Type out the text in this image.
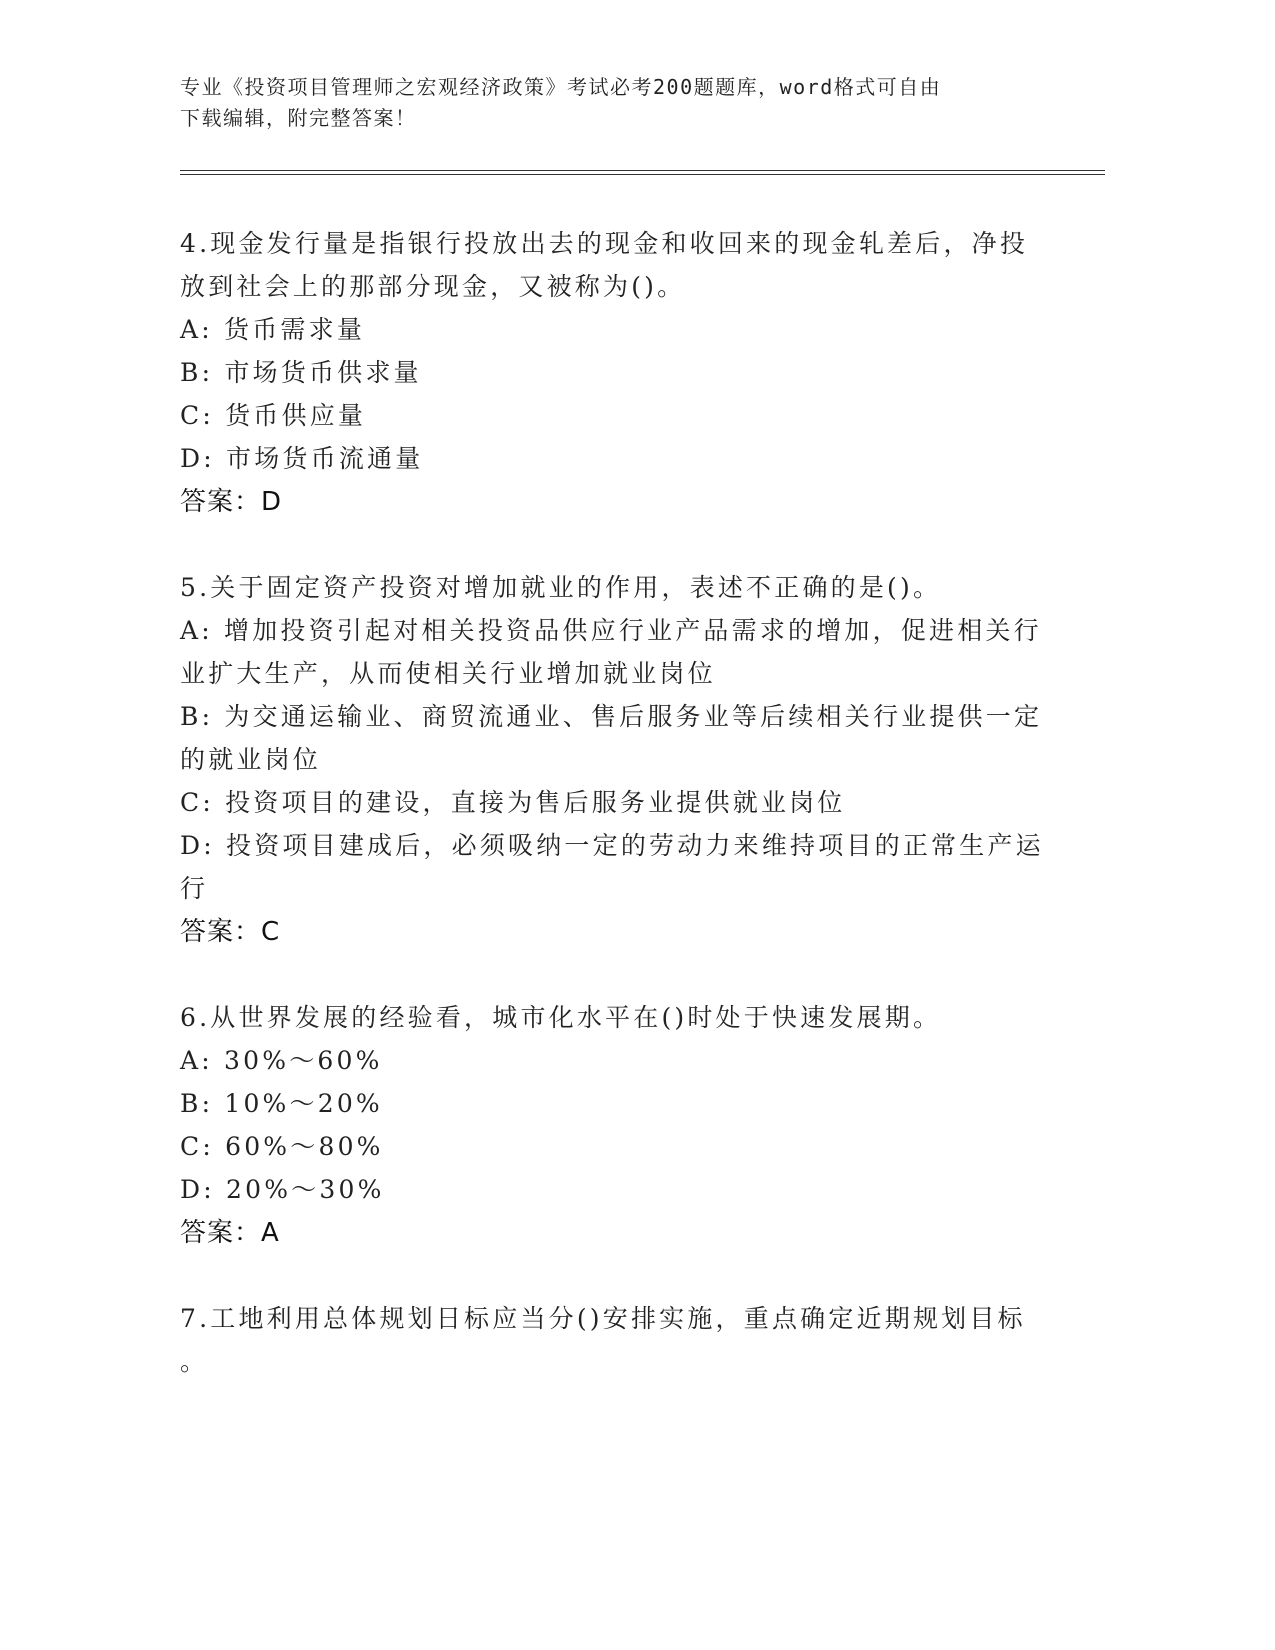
专业《投资项目管理师之宏观经济政策》考试必考200题题库，word格式可自由
下载编辑，附完整答案！
4.现金发行量是指银行投放出去的现金和收回来的现金轧差后，净投
放到社会上的那部分现金，又被称为()。
A: 货币需求量
B: 市场货币供求量
C: 货币供应量
D: 市场货币流通量
答案：D
5.关于固定资产投资对增加就业的作用，表述不正确的是()。
A: 增加投资引起对相关投资品供应行业产品需求的增加，促进相关行
业扩大生产，从而使相关行业增加就业岗位
B: 为交通运输业、商贸流通业、售后服务业等后续相关行业提供一定
的就业岗位
C: 投资项目的建设，直接为售后服务业提供就业岗位
D: 投资项目建成后，必须吸纳一定的劳动力来维持项目的正常生产运
行
答案：C
6.从世界发展的经验看，城市化水平在()时处于快速发展期。
A: 30%～60%
B: 10%～20%
C: 60%～80%
D: 20%～30%
答案：A
7.工地利用总体规划日标应当分()安排实施，重点确定近期规划目标
。
